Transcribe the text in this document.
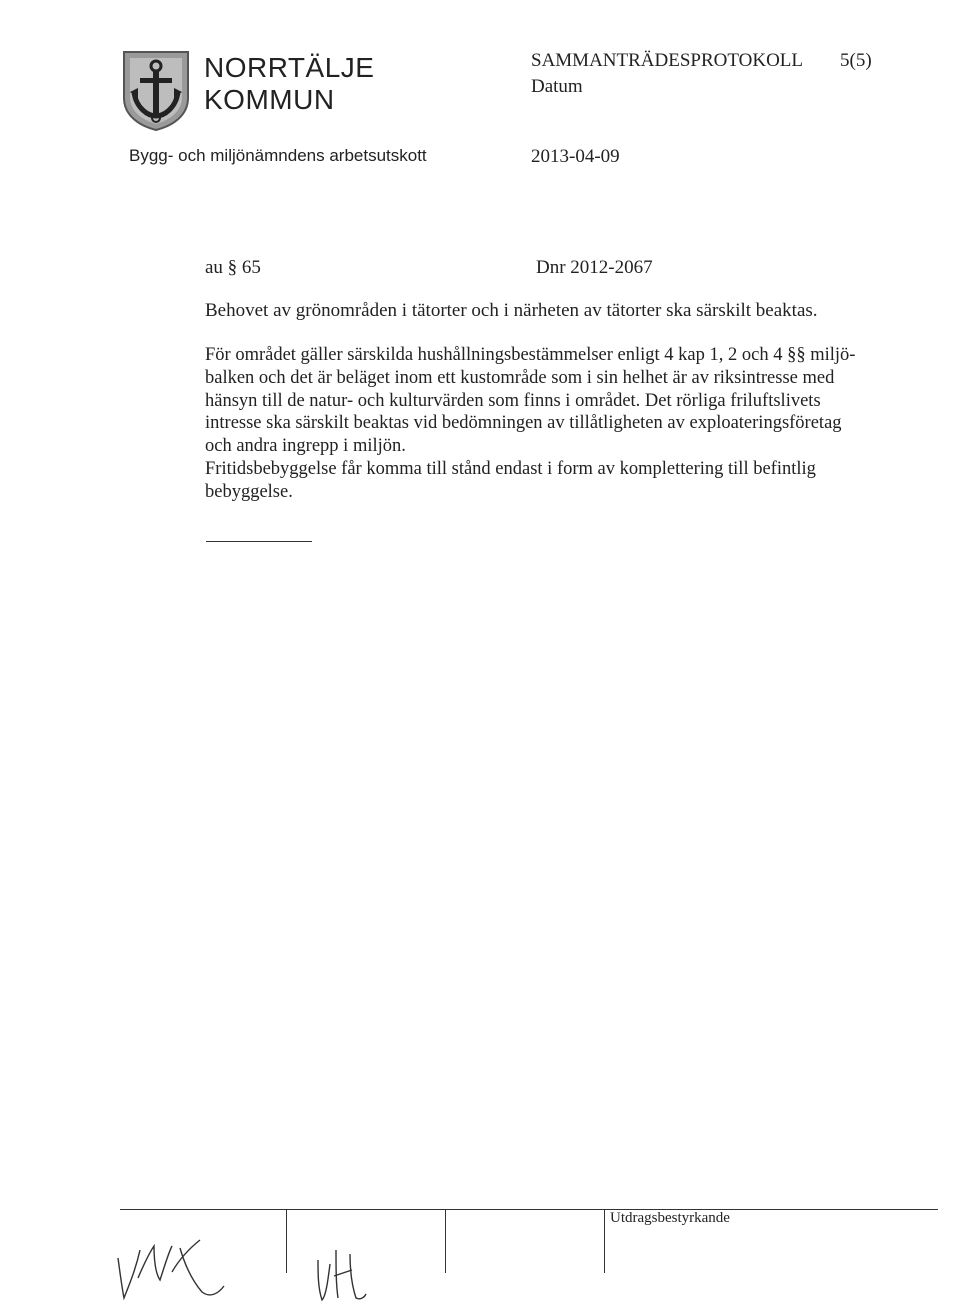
NORRTÄLJE
KOMMUN
SAMMANTRÄDESPROTOKOLL 5(5)
Datum
Bygg- och miljönämndens arbetsutskott	2013-04-09
au § 65	Dnr 2012-2067
Behovet av grönområden i tätorter och i närheten av tätorter ska särskilt beaktas.
För området gäller särskilda hushållningsbestämmelser enligt 4 kap 1, 2 och 4 §§ miljö-
balken och det är beläget inom ett kustområde som i sin helhet är av riksintresse med
hänsyn till de natur- och kulturvärden som finns i området. Det rörliga friluftslivets
intresse ska särskilt beaktas vid bedömningen av tillåtligheten av exploateringsföretag
och andra ingrepp i miljön.
Fritidsbebyggelse får komma till stånd endast i form av komplettering till befintlig
bebyggelse.
Utdragsbestyrkande
